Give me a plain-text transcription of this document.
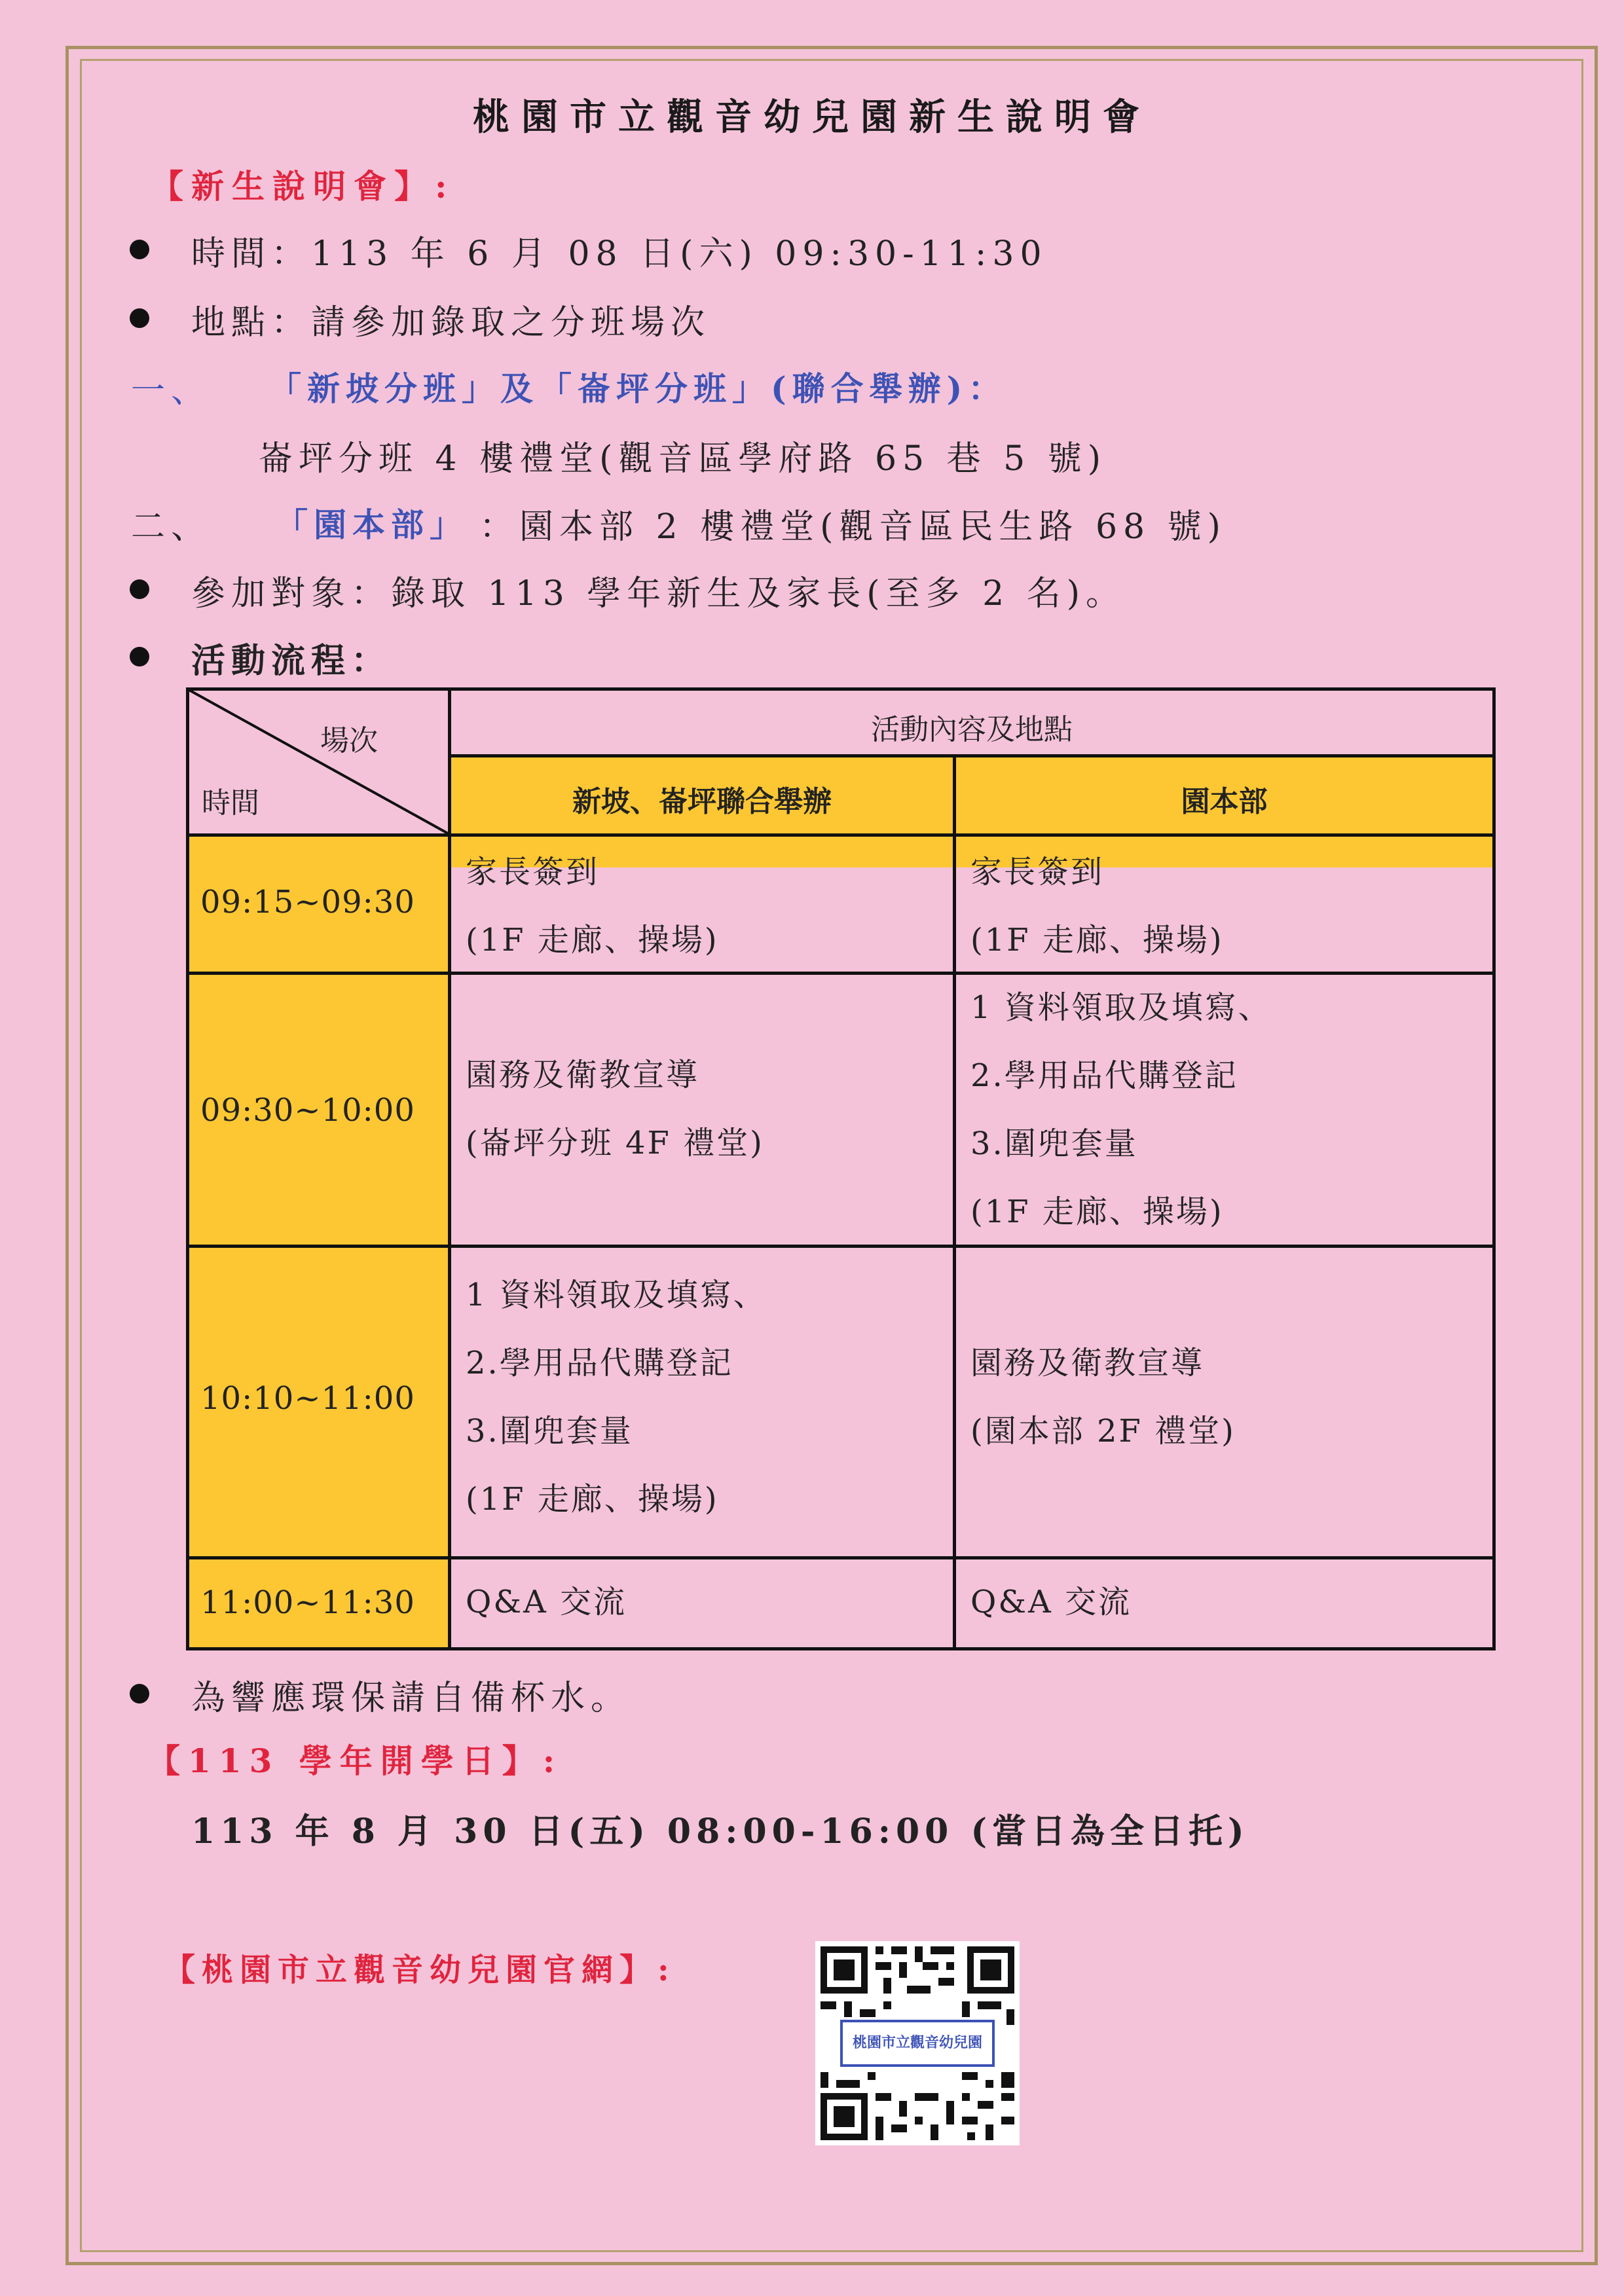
桃園市立觀音幼兒園新生說明會
【新生說明會】:
時間：113 年 6 月 08 日(六) 09:30-11:30
地點：請參加錄取之分班場次
一、 「新坡分班」及「崙坪分班」(聯合舉辦)：
崙坪分班 4 樓禮堂(觀音區學府路 65 巷 5 號)
二、 「園本部」 ：園本部 2 樓禮堂(觀音區民生路 68 號)
參加對象：錄取 113 學年新生及家長(至多 2 名)。
活動流程：
場次
時間
活動內容及地點
新坡、崙坪聯合舉辦	園本部
09:15~09:30
家長簽到
(1F 走廊、操場)
家長簽到
(1F 走廊、操場)
09:30~10:00
園務及衛教宣導
(崙坪分班 4F 禮堂)
1 資料領取及填寫、
2.學用品代購登記
3.圍兜套量
(1F 走廊、操場)
10:10~11:00
1 資料領取及填寫、
2.學用品代購登記
3.圍兜套量
(1F 走廊、操場)
園務及衛教宣導
(園本部 2F 禮堂)
11:00~11:30 Q&A 交流	Q&A 交流
為響應環保請自備杯水。
【113 學年開學日】:
113 年 8 月 30 日(五) 08:00-16:00 (當日為全日托)
【桃園市立觀音幼兒園官網】:
桃園市立觀音幼兒園
